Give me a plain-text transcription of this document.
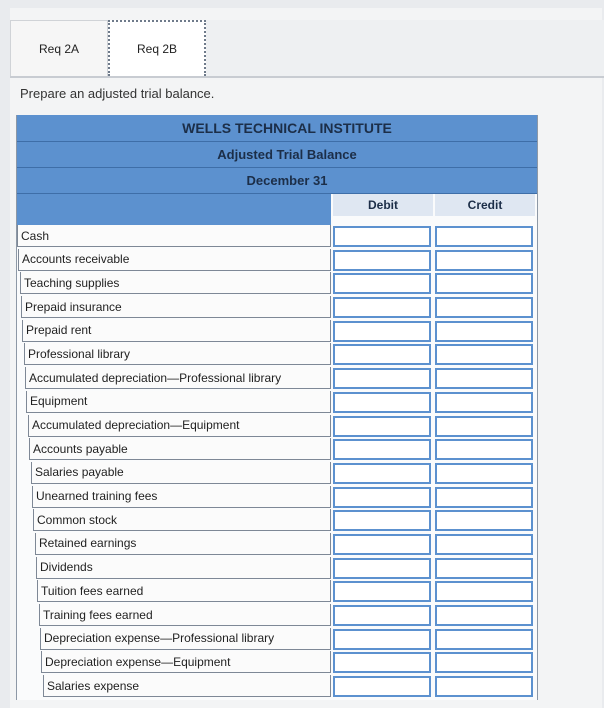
Req 2A	Req 2B
Prepare an adjusted trial balance.
WELLS TECHNICAL INSTITUTE
Adjusted Trial Balance
December 31
Debit	Credit
Cash
Accounts receivable
Teaching supplies
Prepaid insurance
Prepaid rent
Professional library
Accumulated depreciation—Professional library
Equipment
Accumulated depreciation—Equipment
Accounts payable
Salaries payable
Unearned training fees
Common stock
Retained earnings
Dividends
Tuition fees earned
Training fees earned
Depreciation expense—Professional library
Depreciation expense—Equipment
Salaries expense
